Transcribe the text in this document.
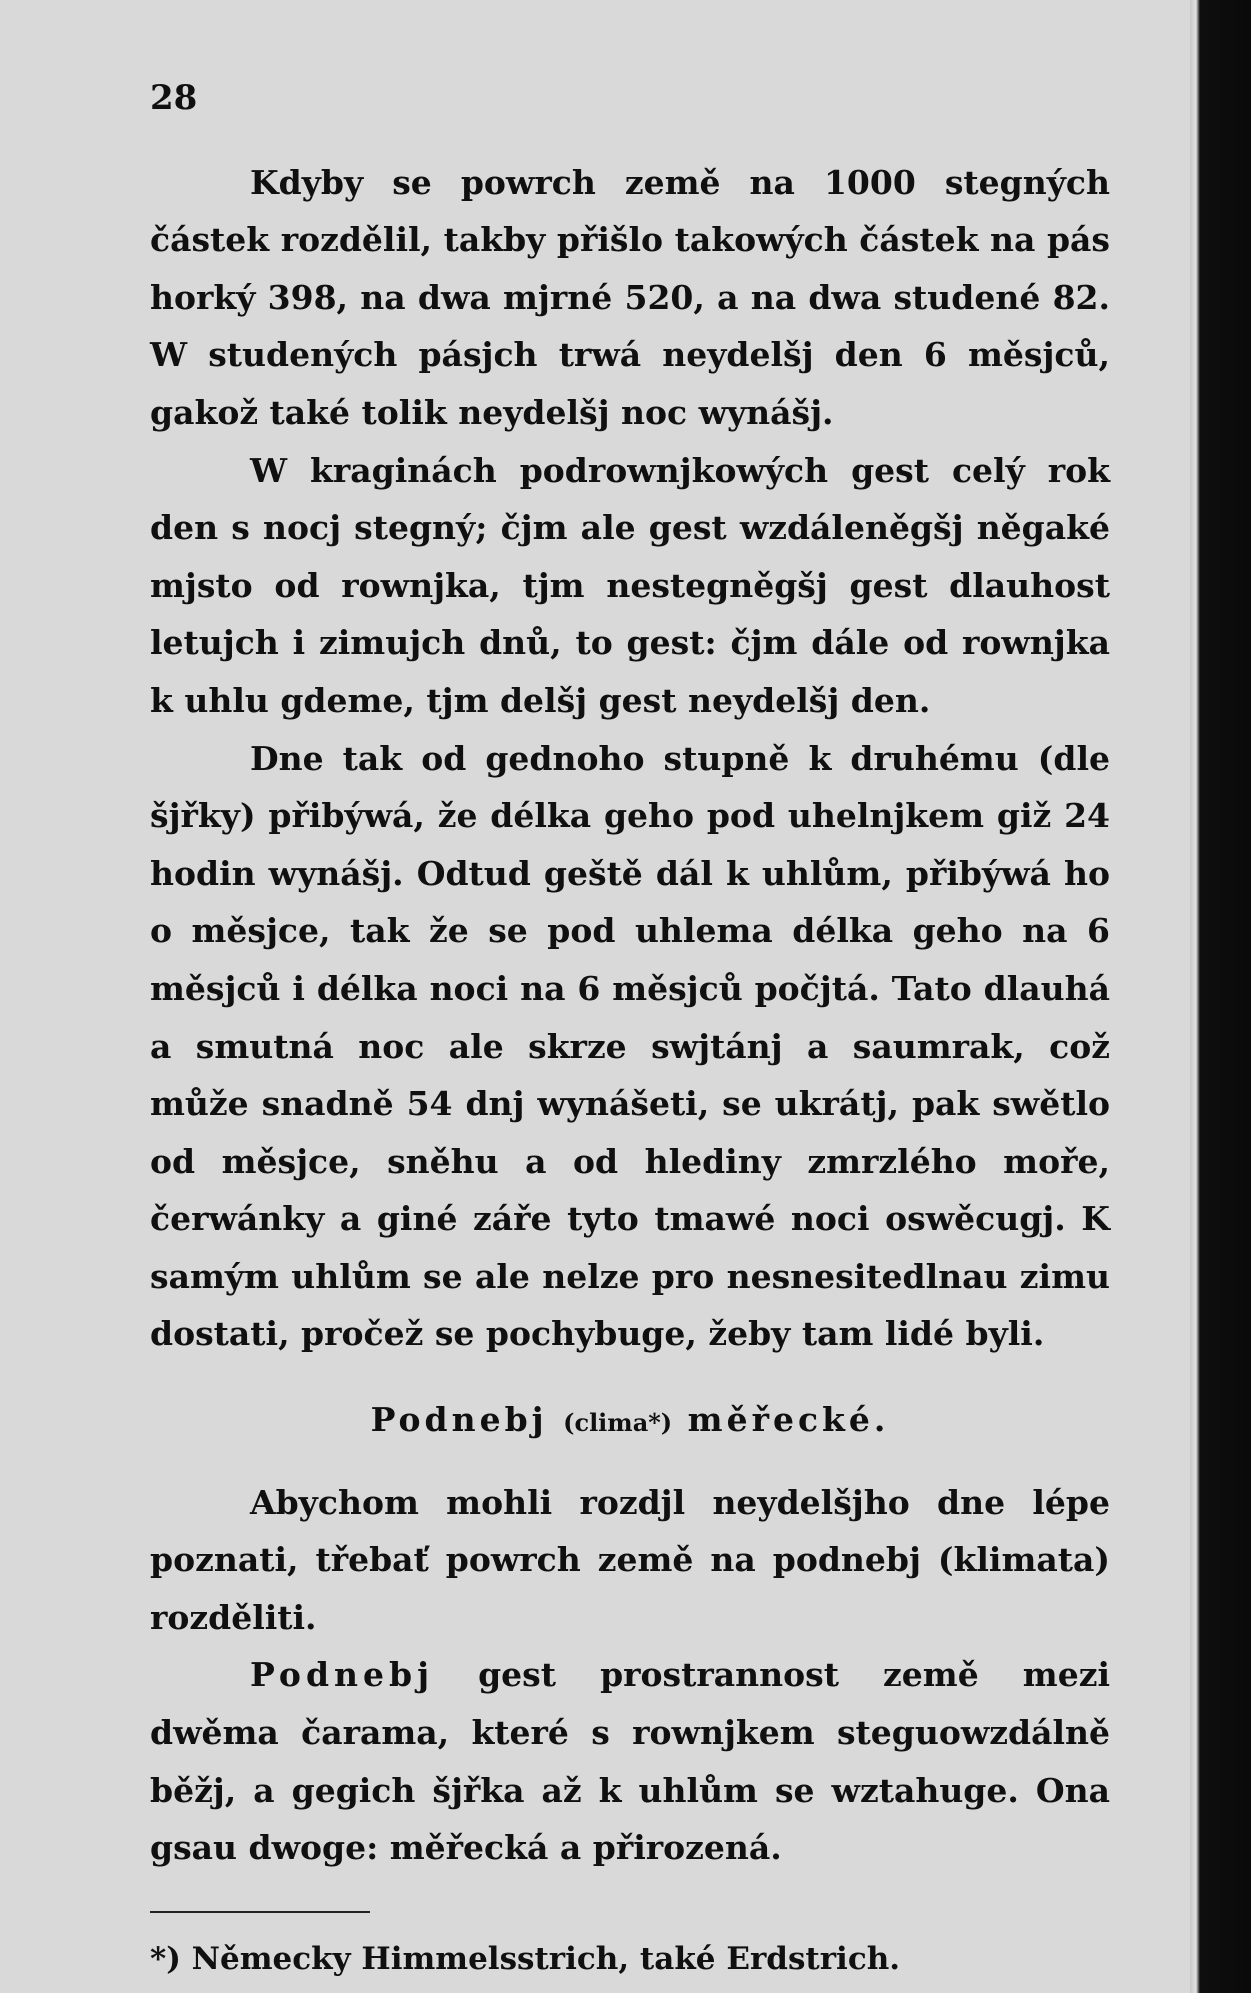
28

Kdyby se powrch země na 1000 stegných částek rozdělil, takby přišlo takowých částek na pás horký 398, na dwa mjrné 520, a na dwa studené 82. W studených pásjch trwá neydelšj den 6 měsjců, gakož také tolik neydelšj noc wynášj.

W kraginách podrownjkowých gest celý rok den s nocj stegný; čjm ale gest wzdáleněgšj něgaké mjsto od rownjka, tjm nestegněgšj gest dlauhost letujch i zimujch dnů, to gest: čjm dále od rownjka k uhlu gdeme, tjm delšj gest neydelšj den.

Dne tak od gednoho stupně k druhému (dle šjřky) přibýwá, že délka geho pod uhelnjkem giž 24 hodin wynášj. Odtud geště dál k uhlům, přibýwá ho o měsjce, tak že se pod uhlema délka geho na 6 měsjců i délka noci na 6 měsjců počjtá. Tato dlauhá a smutná noc ale skrze swjtánj a saumrak, což může snadně 54 dnj wynášeti, se ukrátj, pak swětlo od měsjce, sněhu a od hlediny zmrzlého moře, čerwánky a giné záře tyto tmawé noci oswěcugj. K samým uhlům se ale nelze pro nesnesitedlnau zimu dostati, pročež se pochybuge, žeby tam lidé byli.

Podnebj (clima*) měřecké.

Abychom mohli rozdjl neydelšjho dne lépe poznati, třebať powrch země na podnebj (klimata) rozděliti.

Podnebj gest prostrannost země mezi dwěma čarama, které s rownjkem steguowzdálně běžj, a gegich šjřka až k uhlům se wztahuge. Ona gsau dwoge: měřecká a přirozená.

*) Německy Himmelsstrich, také Erdstrich.
